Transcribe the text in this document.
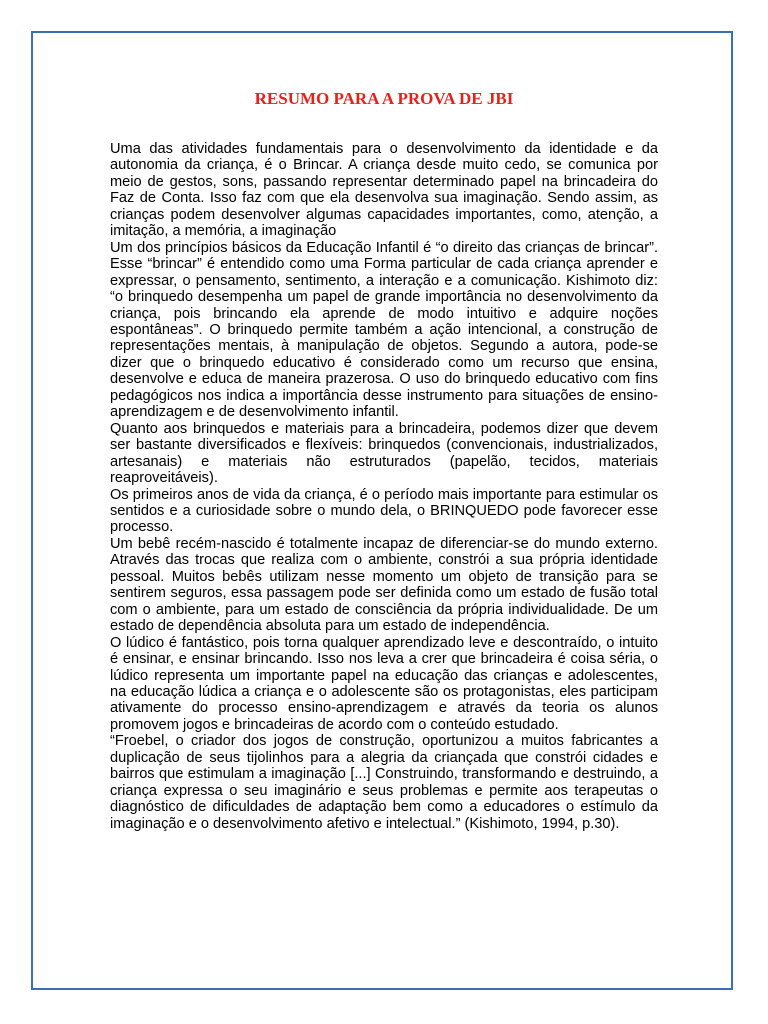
RESUMO PARA A PROVA DE JBI

Uma das atividades fundamentais para o desenvolvimento da identidade e da autonomia da criança, é o Brincar. A criança desde muito cedo, se comunica por meio de gestos, sons, passando representar determinado papel na brincadeira do Faz de Conta. Isso faz com que ela desenvolva sua imaginação. Sendo assim, as crianças podem desenvolver algumas capacidades importantes, como, atenção, a imitação, a memória, a imaginação

Um dos princípios básicos da Educação Infantil é “o direito das crianças de brincar”. Esse “brincar” é entendido como uma Forma particular de cada criança aprender e expressar, o pensamento, sentimento, a interação e a comunicação. Kishimoto diz: “o brinquedo desempenha um papel de grande importância no desenvolvimento da criança, pois brincando ela aprende de modo intuitivo e adquire noções espontâneas”. O brinquedo permite também a ação intencional, a construção de representações mentais, à manipulação de objetos. Segundo a autora, pode-se dizer que o brinquedo educativo é considerado como um recurso que ensina, desenvolve e educa de maneira prazerosa. O uso do brinquedo educativo com fins pedagógicos nos indica a importância desse instrumento para situações de ensino-aprendizagem e de desenvolvimento infantil.

Quanto aos brinquedos e materiais para a brincadeira, podemos dizer que devem ser bastante diversificados e flexíveis: brinquedos (convencionais, industrializados, artesanais) e materiais não estruturados (papelão, tecidos, materiais reaproveitáveis).

Os primeiros anos de vida da criança, é o período mais importante para estimular os sentidos e a curiosidade sobre o mundo dela, o BRINQUEDO pode favorecer esse processo.

Um bebê recém-nascido é totalmente incapaz de diferenciar-se do mundo externo. Através das trocas que realiza com o ambiente, constrói a sua própria identidade pessoal. Muitos bebês utilizam nesse momento um objeto de transição para se sentirem seguros, essa passagem pode ser definida como um estado de fusão total com o ambiente, para um estado de consciência da própria individualidade. De um estado de dependência absoluta para um estado de independência.

O lúdico é fantástico, pois torna qualquer aprendizado leve e descontraído, o intuito é ensinar, e ensinar brincando. Isso nos leva a crer que brincadeira é coisa séria, o lúdico representa um importante papel na educação das crianças e adolescentes, na educação lúdica a criança e o adolescente são os protagonistas, eles participam ativamente do processo ensino-aprendizagem e através da teoria os alunos promovem jogos e brincadeiras de acordo com o conteúdo estudado.

“Froebel, o criador dos jogos de construção, oportunizou a muitos fabricantes a duplicação de seus tijolinhos para a alegria da criançada que constrói cidades e bairros que estimulam a imaginação [...] Construindo, transformando e destruindo, a criança expressa o seu imaginário e seus problemas e permite aos terapeutas o diagnóstico de dificuldades de adaptação bem como a educadores o estímulo da imaginação e o desenvolvimento afetivo e intelectual.” (Kishimoto, 1994, p.30).
